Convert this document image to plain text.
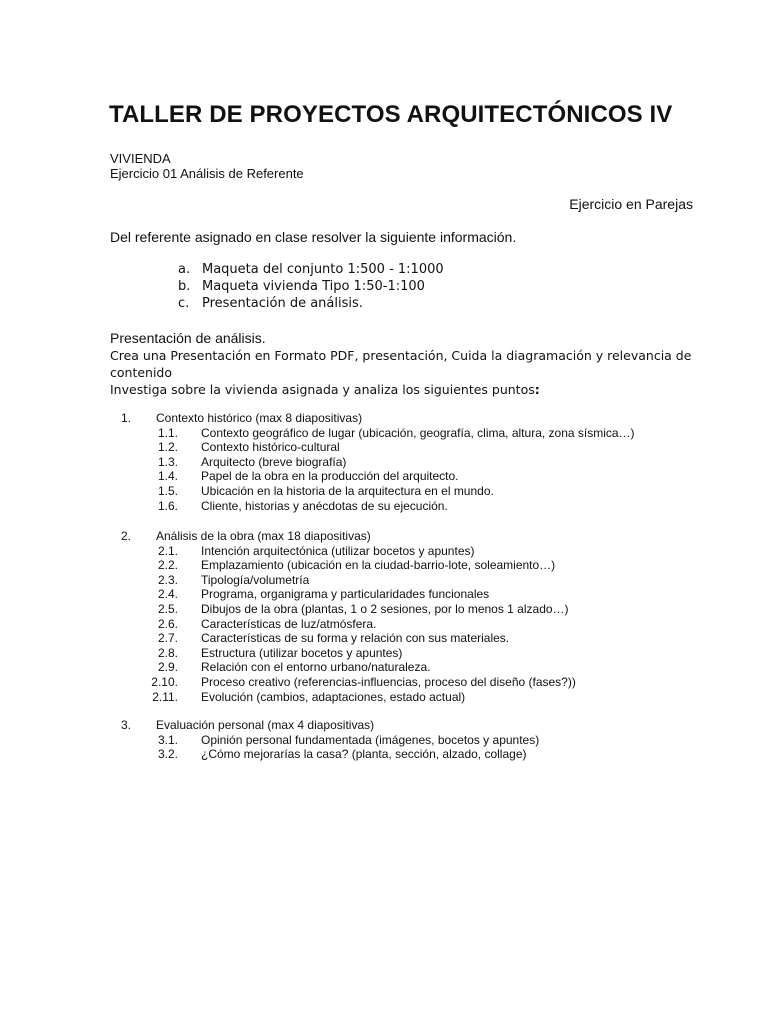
TALLER DE PROYECTOS ARQUITECTÓNICOS IV
VIVIENDA
Ejercicio 01 Análisis de Referente
Ejercicio en Parejas
Del referente asignado en clase resolver la siguiente información.
a. Maqueta del conjunto 1:500 - 1:1000
b. Maqueta vivienda Tipo 1:50-1:100
c. Presentación de análisis.
Presentación de análisis.

Crea una Presentación en Formato PDF, presentación, Cuida la diagramación y relevancia de contenido

Investiga sobre la vivienda asignada y analiza los siguientes puntos:

1. Contexto histórico (max 8 diapositivas)
1.1. Contexto geográfico de lugar (ubicación, geografía, clima, altura, zona sísmica…)
1.2. Contexto histórico-cultural
1.3. Arquitecto (breve biografía)
1.4. Papel de la obra en la producción del arquitecto.
1.5. Ubicación en la historia de la arquitectura en el mundo.
1.6. Cliente, historias y anécdotas de su ejecución.
2. Análisis de la obra (max 18 diapositivas)
2.1. Intención arquitectónica (utilizar bocetos y apuntes)
2.2. Emplazamiento (ubicación en la ciudad-barrio-lote, soleamiento…)
2.3. Tipología/volumetría
2.4. Programa, organigrama y particularidades funcionales
2.5. Dibujos de la obra (plantas, 1 o 2 sesiones, por lo menos 1 alzado…)
2.6. Características de luz/atmósfera.
2.7. Características de su forma y relación con sus materiales.
2.8. Estructura (utilizar bocetos y apuntes)
2.9. Relación con el entorno urbano/naturaleza.
2.10. Proceso creativo (referencias-influencias, proceso del diseño (fases?))
2.11. Evolución (cambios, adaptaciones, estado actual)
3. Evaluación personal (max 4 diapositivas)
3.1. Opinión personal fundamentada (imágenes, bocetos y apuntes)
3.2. ¿Cómo mejorarías la casa? (planta, sección, alzado, collage)
